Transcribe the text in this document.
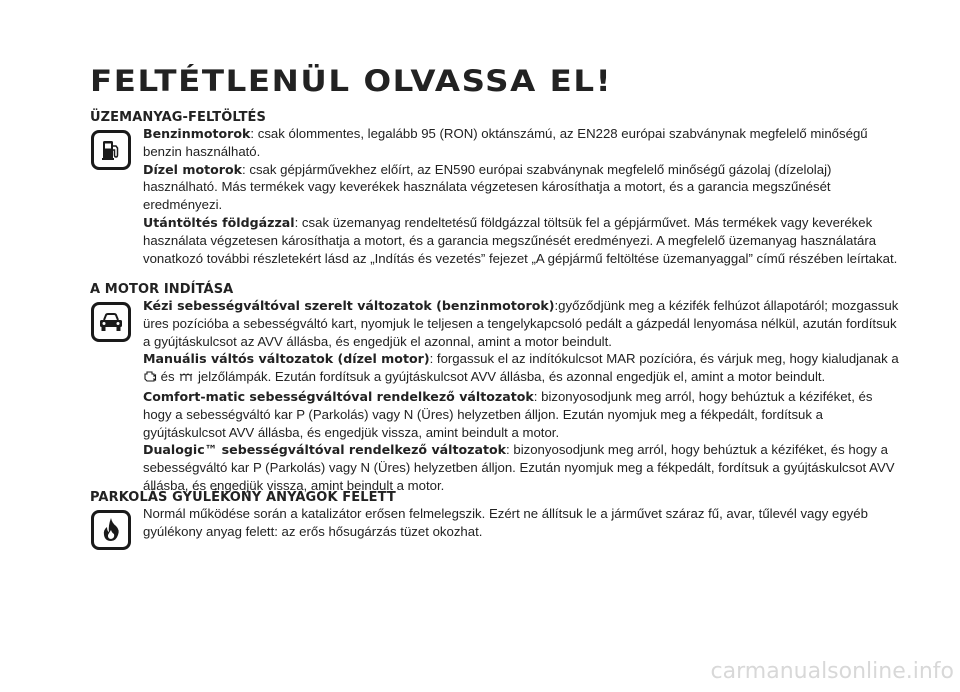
FELTÉTLENÜL OLVASSA EL!
ÜZEMANYAG-FELTÖLTÉS

Benzinmotorok: csak ólommentes, legalább 95 (RON) oktánszámú, az EN228 európai szabványnak megfelelő minőségű benzin használható.

Dízel motorok: csak gépjárművekhez előírt, az EN590 európai szabványnak megfelelő minőségű gázolaj (dízelolaj) használható. Más termékek vagy keverékek használata végzetesen károsíthatja a motort, és a garancia megszűnését eredményezi.

Utántöltés földgázzal: csak üzemanyag rendeltetésű földgázzal töltsük fel a gépjárművet. Más termékek vagy keverékek használata végzetesen károsíthatja a motort, és a garancia megszűnését eredményezi. A megfelelő üzemanyag használatára vonatkozó további részletekért lásd az „Indítás és vezetés” fejezet „A gépjármű feltöltése üzemanyaggal” című részében leírtakat.

A MOTOR INDÍTÁSA

Kézi sebességváltóval szerelt változatok (benzinmotorok):győződjünk meg a kézifék felhúzot állapotáról; mozgassuk üres pozícióba a sebességváltó kart, nyomjuk le teljesen a tengelykapcsoló pedált a gázpedál lenyomása nélkül, azután fordítsuk a gyújtáskulcsot az AVV állásba, és engedjük el azonnal, amint a motor beindult.

Manuális váltós változatok (dízel motor): forgassuk el az indítókulcsot MAR pozícióra, és várjuk meg, hogy kialudjanak a  és jelzőlámpák. Ezután fordítsuk a gyújtáskulcsot AVV állásba, és azonnal engedjük el, amint a motor beindult.

Comfort-matic sebességváltóval rendelkező változatok: bizonyosodjunk meg arról, hogy behúztuk a kéziféket, és hogy a sebességváltó kar P (Parkolás) vagy N (Üres) helyzetben álljon. Ezután nyomjuk meg a fékpedált, fordítsuk a gyújtáskulcsot AVV állásba, és engedjük vissza, amint beindult a motor.

Dualogic™ sebességváltóval rendelkező változatok: bizonyosodjunk meg arról, hogy behúztuk a kéziféket, és hogy a sebességváltó kar P (Parkolás) vagy N (Üres) helyzetben álljon. Ezután nyomjuk meg a fékpedált, fordítsuk a gyújtáskulcsot AVV állásba, és engedjük vissza, amint beindult a motor.

PARKOLÁS GYÚLÉKONY ANYAGOK FELETT

Normál működése során a katalizátor erősen felmelegszik. Ezért ne állítsuk le a járművet száraz fű, avar, tűlevél vagy egyéb gyúlékony anyag felett: az erős hősugárzás tüzet okozhat.

carmanualsonline.info
